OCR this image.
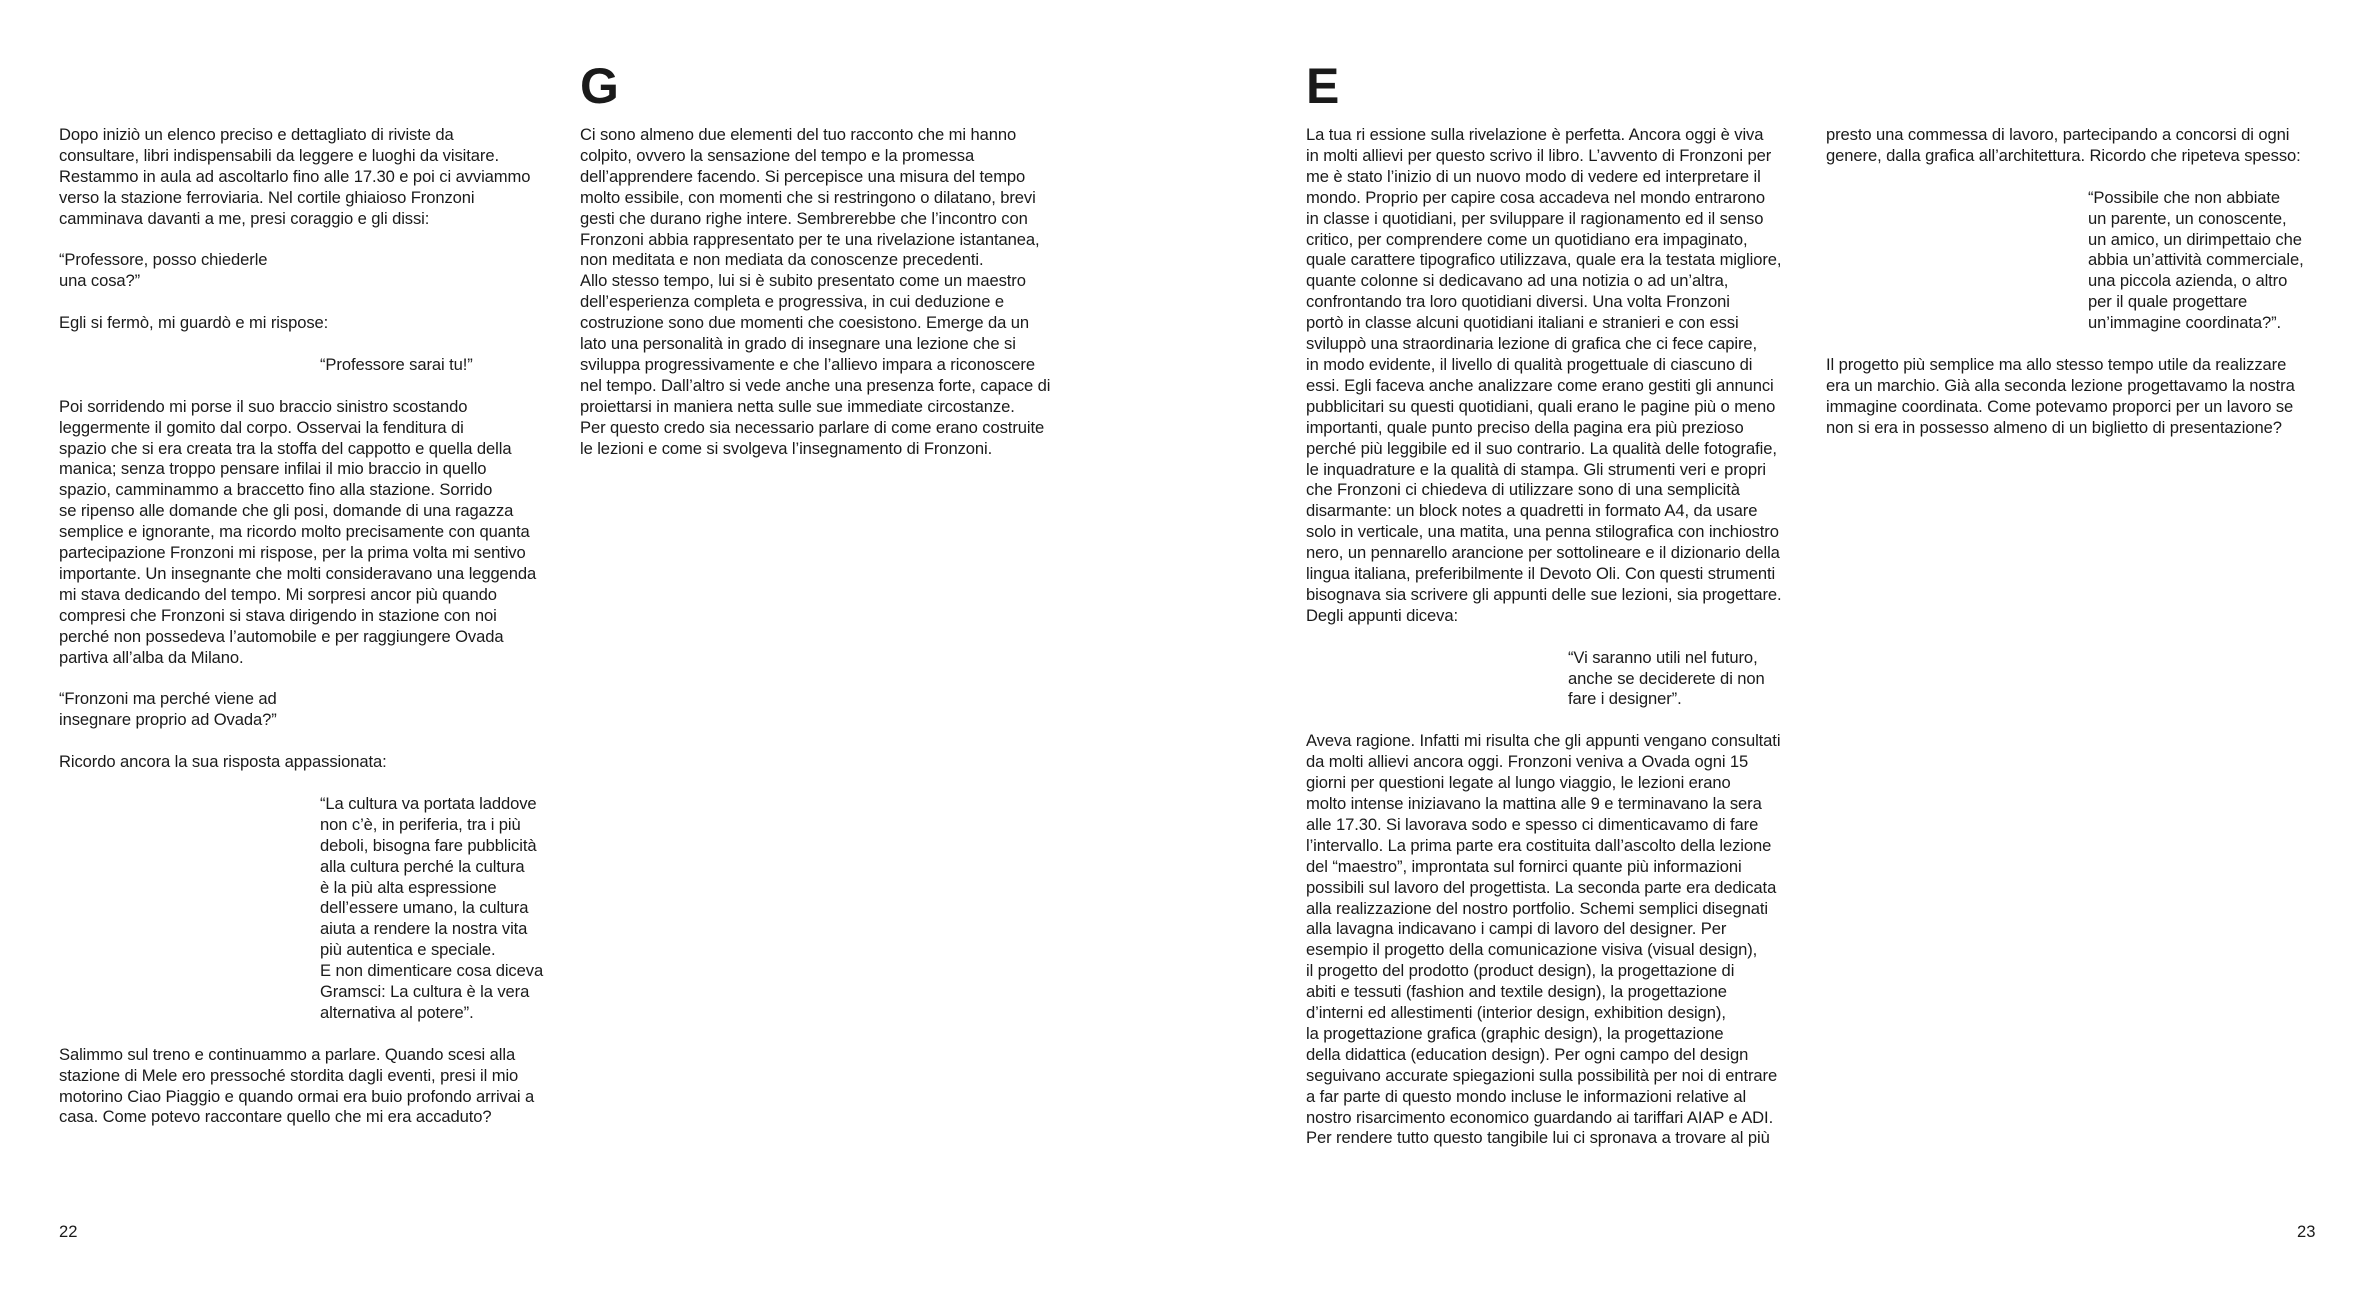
Dopo iniziò un elenco preciso e dettagliato di riviste da
consultare, libri indispensabili da leggere e luoghi da visitare.
Restammo in aula ad ascoltarlo fino alle 17.30 e poi ci avviammo
verso la stazione ferroviaria. Nel cortile ghiaioso Fronzoni
camminava davanti a me, presi coraggio e gli dissi:

“Professore, posso chiederle
una cosa?”

Egli si fermò, mi guardò e mi rispose:

“Professore sarai tu!”

Poi sorridendo mi porse il suo braccio sinistro scostando
leggermente il gomito dal corpo. Osservai la fenditura di
spazio che si era creata tra la stoffa del cappotto e quella della
manica; senza troppo pensare infilai il mio braccio in quello
spazio, camminammo a braccetto fino alla stazione. Sorrido
se ripenso alle domande che gli posi, domande di una ragazza
semplice e ignorante, ma ricordo molto precisamente con quanta
partecipazione Fronzoni mi rispose, per la prima volta mi sentivo
importante. Un insegnante che molti consideravano una leggenda
mi stava dedicando del tempo. Mi sorpresi ancor più quando
compresi che Fronzoni si stava dirigendo in stazione con noi
perché non possedeva l’automobile e per raggiungere Ovada
partiva all’alba da Milano.

“Fronzoni ma perché viene ad
insegnare proprio ad Ovada?”

Ricordo ancora la sua risposta appassionata:

“La cultura va portata laddove
non c’è, in periferia, tra i più
deboli, bisogna fare pubblicità
alla cultura perché la cultura
è la più alta espressione
dell’essere umano, la cultura
aiuta a rendere la nostra vita
più autentica e speciale.
E non dimenticare cosa diceva
Gramsci: La cultura è la vera
alternativa al potere”.

Salimmo sul treno e continuammo a parlare. Quando scesi alla
stazione di Mele ero pressoché stordita dagli eventi, presi il mio
motorino Ciao Piaggio e quando ormai era buio profondo arrivai a
casa. Come potevo raccontare quello che mi era accaduto?

G

Ci sono almeno due elementi del tuo racconto che mi hanno
colpito, ovvero la sensazione del tempo e la promessa
dell’apprendere facendo. Si percepisce una misura del tempo
molto essibile, con momenti che si restringono o dilatano, brevi
gesti che durano righe intere. Sembrerebbe che l’incontro con
Fronzoni abbia rappresentato per te una rivelazione istantanea,
non meditata e non mediata da conoscenze precedenti.
Allo stesso tempo, lui si è subito presentato come un maestro
dell’esperienza completa e progressiva, in cui deduzione e
costruzione sono due momenti che coesistono. Emerge da un
lato una personalità in grado di insegnare una lezione che si
sviluppa progressivamente e che l’allievo impara a riconoscere
nel tempo. Dall’altro si vede anche una presenza forte, capace di
proiettarsi in maniera netta sulle sue immediate circostanze.
Per questo credo sia necessario parlare di come erano costruite
le lezioni e come si svolgeva l’insegnamento di Fronzoni.

22
E

La tua ri essione sulla rivelazione è perfetta. Ancora oggi è viva
in molti allievi per questo scrivo il libro. L’avvento di Fronzoni per
me è stato l’inizio di un nuovo modo di vedere ed interpretare il
mondo. Proprio per capire cosa accadeva nel mondo entrarono
in classe i quotidiani, per sviluppare il ragionamento ed il senso
critico, per comprendere come un quotidiano era impaginato,
quale carattere tipografico utilizzava, quale era la testata migliore,
quante colonne si dedicavano ad una notizia o ad un’altra,
confrontando tra loro quotidiani diversi. Una volta Fronzoni
portò in classe alcuni quotidiani italiani e stranieri e con essi
sviluppò una straordinaria lezione di grafica che ci fece capire,
in modo evidente, il livello di qualità progettuale di ciascuno di
essi. Egli faceva anche analizzare come erano gestiti gli annunci
pubblicitari su questi quotidiani, quali erano le pagine più o meno
importanti, quale punto preciso della pagina era più prezioso
perché più leggibile ed il suo contrario. La qualità delle fotografie,
le inquadrature e la qualità di stampa. Gli strumenti veri e propri
che Fronzoni ci chiedeva di utilizzare sono di una semplicità
disarmante: un block notes a quadretti in formato A4, da usare
solo in verticale, una matita, una penna stilografica con inchiostro
nero, un pennarello arancione per sottolineare e il dizionario della
lingua italiana, preferibilmente il Devoto Oli. Con questi strumenti
bisognava sia scrivere gli appunti delle sue lezioni, sia progettare.
Degli appunti diceva:

“Vi saranno utili nel futuro,
anche se deciderete di non
fare i designer”.

Aveva ragione. Infatti mi risulta che gli appunti vengano consultati
da molti allievi ancora oggi. Fronzoni veniva a Ovada ogni 15
giorni per questioni legate al lungo viaggio, le lezioni erano
molto intense iniziavano la mattina alle 9 e terminavano la sera
alle 17.30. Si lavorava sodo e spesso ci dimenticavamo di fare
l’intervallo. La prima parte era costituita dall’ascolto della lezione
del “maestro”, improntata sul fornirci quante più informazioni
possibili sul lavoro del progettista. La seconda parte era dedicata
alla realizzazione del nostro portfolio. Schemi semplici disegnati
alla lavagna indicavano i campi di lavoro del designer. Per
esempio il progetto della comunicazione visiva (visual design),
il progetto del prodotto (product design), la progettazione di
abiti e tessuti (fashion and textile design), la progettazione
d’interni ed allestimenti (interior design, exhibition design),
la progettazione grafica (graphic design), la progettazione
della didattica (education design). Per ogni campo del design
seguivano accurate spiegazioni sulla possibilità per noi di entrare
a far parte di questo mondo incluse le informazioni relative al
nostro risarcimento economico guardando ai tariffari AIAP e ADI.
Per rendere tutto questo tangibile lui ci spronava a trovare al più

presto una commessa di lavoro, partecipando a concorsi di ogni
genere, dalla grafica all’architettura. Ricordo che ripeteva spesso:

“Possibile che non abbiate
un parente, un conoscente,
un amico, un dirimpettaio che
abbia un’attività commerciale,
una piccola azienda, o altro
per il quale progettare
un’immagine coordinata?”.

Il progetto più semplice ma allo stesso tempo utile da realizzare
era un marchio. Già alla seconda lezione progettavamo la nostra
immagine coordinata. Come potevamo proporci per un lavoro se
non si era in possesso almeno di un biglietto di presentazione?

23
